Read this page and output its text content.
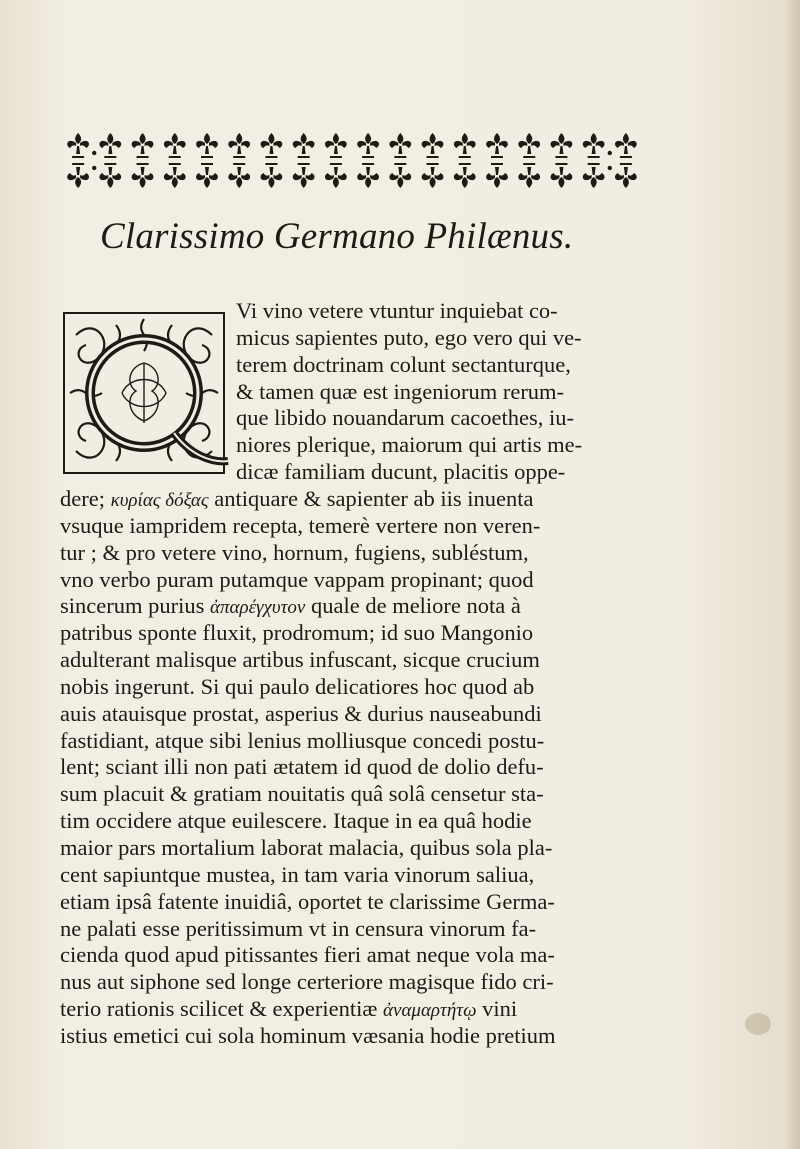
Clarissimo Germano Philænus.
Q	Vi vino vetere vtuntur inquiebat co-
micus sapientes puto, ego vero qui ve-
terem doctrinam colunt sectanturque,
& tamen quæ est ingeniorum rerum-
que libido nouandarum cacoethes, iu-
niores plerique, maiorum qui artis me-
dicæ familiam ducunt, placitis oppe-
dere; κυρίας δόξας antiquare & sapienter ab iis inuenta
vsuque iampridem recepta, temerè vertere non veren-
tur ; & pro vetere vino, hornum, fugiens, subléstum,
vno verbo puram putamque vappam propinant; quod
sincerum purius ἀπαρέγχυτον quale de meliore nota à
patribus sponte fluxit, prodromum; id suo Mangonio
adulterant malisque artibus infuscant, sicque crucium
nobis ingerunt. Si qui paulo delicatiores hoc quod ab
auis atauisque prostat, asperius & durius nauseabundi
fastidiant, atque sibi lenius molliusque concedi postu-
lent; sciant illi non pati ætatem id quod de dolio defu-
sum placuit & gratiam nouitatis quâ solâ censetur sta-
tim occidere atque euilescere. Itaque in ea quâ hodie
maior pars mortalium laborat malacia, quibus sola pla-
cent sapiuntque mustea, in tam varia vinorum saliua,
etiam ipsâ fatente inuidiâ, oportet te clarissime Germa-
ne palati esse peritissimum vt in censura vinorum fa-
cienda quod apud pitissantes fieri amat neque vola ma-
nus aut siphone sed longe certeriore magisque fido cri-
terio rationis scilicet & experientiæ ἀναμαρτήτῳ vini
istius emetici cui sola hominum væsania hodie pretium
